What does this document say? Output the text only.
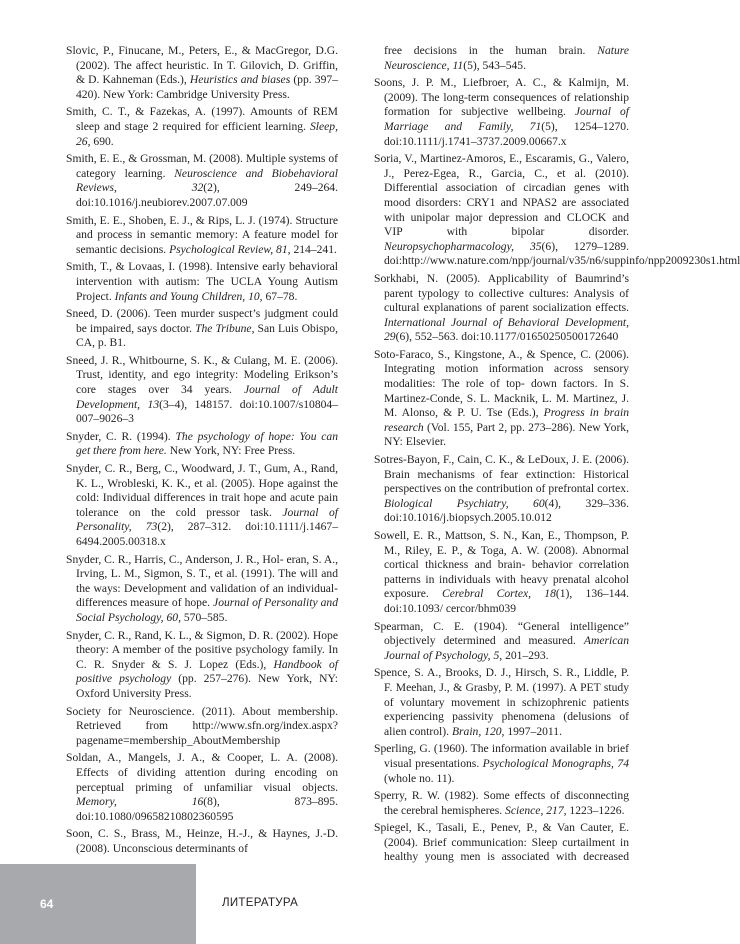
Slovic, P., Finucane, M., Peters, E., & MacGregor, D.G. (2002). The affect heuristic. In T. Gilovich, D. Griffin, & D. Kahneman (Eds.), Heuristics and biases (pp. 397–420). New York: Cambridge University Press.

Smith, C. T., & Fazekas, A. (1997). Amounts of REM sleep and stage 2 required for efficient learning. Sleep, 26, 690.

Smith, E. E., & Grossman, M. (2008). Multiple systems of category learning. Neuroscience and Biobehavioral Reviews, 32(2), 249–264. doi:10.1016/j.neubiorev.2007.07.009

Smith, E. E., Shoben, E. J., & Rips, L. J. (1974). Structure and process in semantic memory: A feature model for semantic decisions. Psychological Review, 81, 214–241.

Smith, T., & Lovaas, I. (1998). Intensive early behavioral intervention with autism: The UCLA Young Autism Project. Infants and Young Children, 10, 67–78.

Sneed, D. (2006). Teen murder suspect’s judgment could be impaired, says doctor. The Tribune, San Luis Obispo, CA, p. B1.

Sneed, J. R., Whitbourne, S. K., & Culang, M. E. (2006). Trust, identity, and ego integrity: Modeling Erikson’s core stages over 34 years. Journal of Adult Development, 13(3–4), 148157. doi:10.1007/s10804–007–9026–3

Snyder, C. R. (1994). The psychology of hope: You can get there from here. New York, NY: Free Press.

Snyder, C. R., Berg, C., Woodward, J. T., Gum, A., Rand, K. L., Wrobleski, K. K., et al. (2005). Hope against the cold: Individual differences in trait hope and acute pain tolerance on the cold pressor task. Journal of Personality, 73(2), 287–312. doi:10.1111/j.1467–6494.2005.00318.x

Snyder, C. R., Harris, C., Anderson, J. R., Hol- eran, S. A., Irving, L. M., Sigmon, S. T., et al. (1991). The will and the ways: Development and validation of an individual-differences measure of hope. Journal of Personality and Social Psychology, 60, 570–585.

Snyder, C. R., Rand, K. L., & Sigmon, D. R. (2002). Hope theory: A member of the positive psychology family. In C. R. Snyder & S. J. Lopez (Eds.), Handbook of positive psychology (pp. 257–276). New York, NY: Oxford University Press.

Society for Neuroscience. (2011). About membership. Retrieved from http://www.sfn.org/index.aspx?pagename=membership_AboutMembership

Soldan, A., Mangels, J. A., & Cooper, L. A. (2008). Effects of dividing attention during encoding on perceptual priming of unfamiliar visual objects. Memory, 16(8), 873–895. doi:10.1080/09658210802360595

Soon, C. S., Brass, M., Heinze, H.-J., & Haynes, J.-D. (2008). Unconscious determinants of

free decisions in the human brain. Nature Neuroscience, 11(5), 543–545.

Soons, J. P. M., Liefbroer, A. C., & Kalmijn, M. (2009). The long-term consequences of relationship formation for subjective wellbeing. Journal of Marriage and Family, 71(5), 1254–1270. doi:10.1111/j.1741–3737.2009.00667.x

Soria, V., Martinez-Amoros, E., Escaramis, G., Valero, J., Perez-Egea, R., Garcia, C., et al. (2010). Differential association of circadian genes with mood disorders: CRY1 and NPAS2 are associated with unipolar major depression and CLOCK and VIP with bipolar disorder. Neuropsychopharmacology, 35(6), 1279–1289. doi:http://www.nature.com/npp/journal/v35/n6/suppinfo/npp2009230s1.html

Sorkhabi, N. (2005). Applicability of Baumrind’s parent typology to collective cultures: Analysis of cultural explanations of parent socialization effects. International Journal of Behavioral Development, 29(6), 552–563. doi:10.1177/01650250500172640

Soto-Faraco, S., Kingstone, A., & Spence, C. (2006). Integrating motion information across sensory modalities: The role of top- down factors. In S. Martinez-Conde, S. L. Macknik, L. M. Martinez, J. M. Alonso, & P. U. Tse (Eds.), Progress in brain research (Vol. 155, Part 2, pp. 273–286). New York, NY: Elsevier.

Sotres-Bayon, F., Cain, C. K., & LeDoux, J. E. (2006). Brain mechanisms of fear extinction: Historical perspectives on the contribution of prefrontal cortex. Biological Psychiatry, 60(4), 329–336. doi:10.1016/j.biopsych.2005.10.012

Sowell, E. R., Mattson, S. N., Kan, E., Thompson, P. M., Riley, E. P., & Toga, A. W. (2008). Abnormal cortical thickness and brain- behavior correlation patterns in individuals with heavy prenatal alcohol exposure. Cerebral Cortex, 18(1), 136–144. doi:10.1093/ cercor/bhm039

Spearman, C. E. (1904). “General intelligence” objectively determined and measured. American Journal of Psychology, 5, 201–293.

Spence, S. A., Brooks, D. J., Hirsch, S. R., Liddle, P. F. Meehan, J., & Grasby, P. M. (1997). A PET study of voluntary movement in schizophrenic patients experiencing passivity phenomena (delusions of alien control). Brain, 120, 1997–2011.

Sperling, G. (1960). The information available in brief visual presentations. Psychological Monographs, 74 (whole no. 11).

Sperry, R. W. (1982). Some effects of disconnecting the cerebral hemispheres. Science, 217, 1223–1226.

Spiegel, K., Tasali, E., Penev, P., & Van Cauter, E. (2004). Brief communication: Sleep curtailment in healthy young men is associated with decreased

64	ЛИТЕРАТУРА
